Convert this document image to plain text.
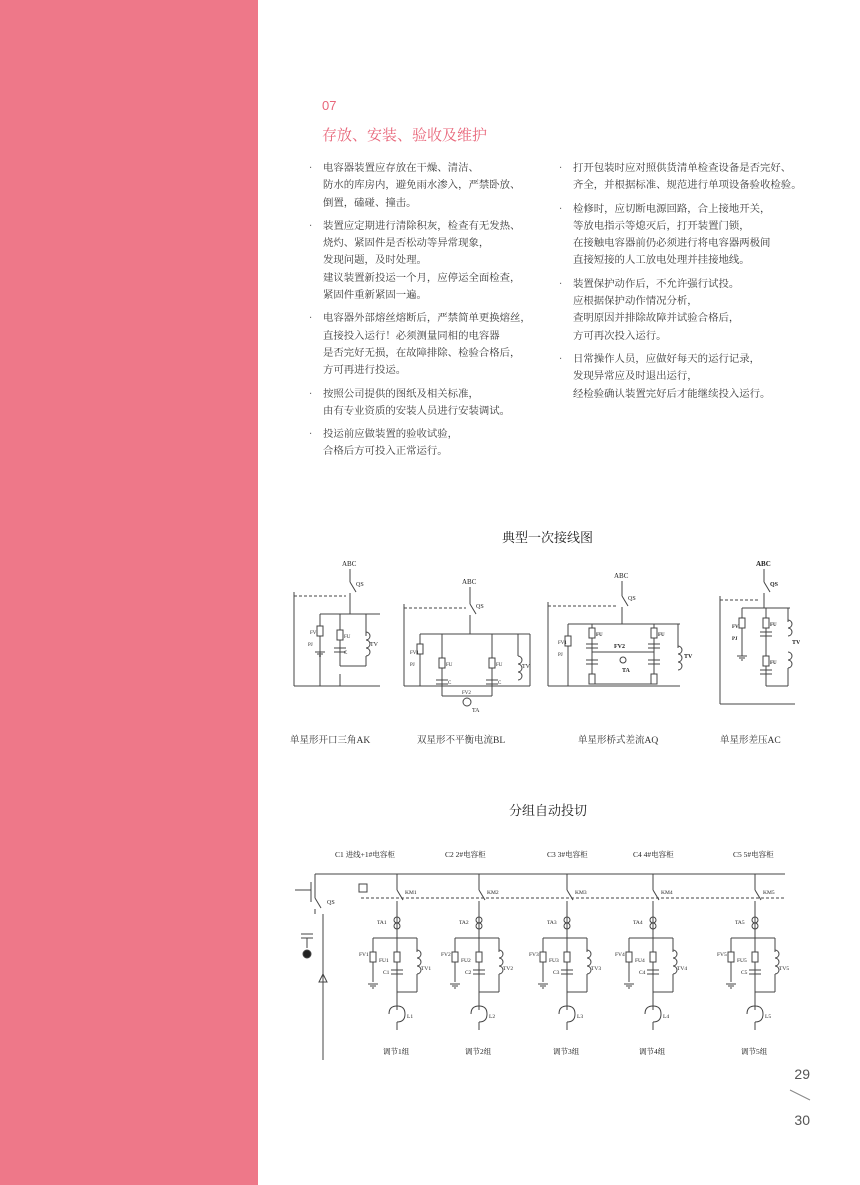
07
存放、安装、验收及维护
· 电容器装置应存放在干燥、清洁、
防水的库房内，避免雨水渗入，严禁卧放、
倒置，磕碰、撞击。
· 装置应定期进行清除积灰，检查有无发热、
烧灼、紧固件是否松动等异常现象，
发现问题，及时处理。
建议装置新投运一个月，应停运全面检查，
紧固件重新紧固一遍。
· 电容器外部熔丝熔断后，严禁简单更换熔丝，
直接投入运行！必须测量同相的电容器
是否完好无损，在故障排除、检验合格后，
方可再进行投运。
· 按照公司提供的图纸及相关标准，
由有专业资质的安装人员进行安装调试。
· 投运前应做装置的验收试验，
合格后方可投入正常运行。
· 打开包装时应对照供货清单检查设备是否完好、
齐全，并根据标准、规范进行单项设备验收检验。
· 检修时，应切断电源回路，合上接地开关，
等放电指示等熄灭后，打开装置门锁，
在接触电容器前仍必须进行将电容器两极间
直接短接的人工放电处理并挂接地线。
· 装置保护动作后，不允许强行试投。
应根据保护动作情况分析，
查明原因并排除故障并试验合格后，
方可再次投入运行。
· 日常操作人员，应做好每天的运行记录，
发现异常应及时退出运行，
经检验确认装置完好后才能继续投入运行。
典型一次接线图
ABC
QS
FV
PJ
FU
C
TV
ABC
QS
FV1
PJ	FU
C
FU
C
TV
FV2
TA
ABC
QS
FV1
PJ
FU	FU
FV2
TA
TV
ABC
QS
FV
PJ
FU
FU
TV
单星形开口三角AK	双星形不平衡电流BL	单星形桥式差流AQ	单星形差压AC
分组自动投切
QS
C1 进线+1#电容柜
KM1
TA1
FV1
FU1
C1
TV1
L1
调节1组
C2 2#电容柜
KM2
TA2
FV2
FU2
C2
TV2
L2
调节2组
C3 3#电容柜
KM3
TA3
FV3
FU3
C3
TV3
L3
调节3组
C4 4#电容柜
KM4
TA4
FV4
FU4
C4
TV4
L4
调节4组
C5 5#电容柜
KM5
TA5
FV5
FU5
C5
TV5
L5
调节5组
29
30
